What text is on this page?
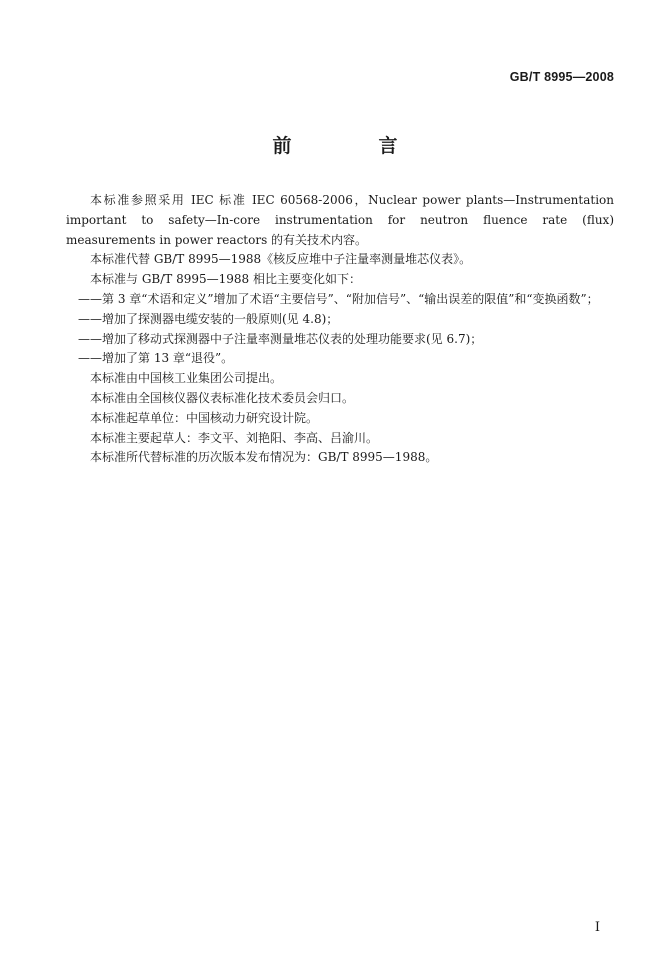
GB/T 8995—2008
前　言

本标准参照采用 IEC 标准 IEC 60568-2006，Nuclear power plants—Instrumentation important to safety—In-core instrumentation for neutron fluence rate (flux) measurements in power reactors 的有关技术内容。

本标准代替 GB/T 8995—1988《核反应堆中子注量率测量堆芯仪表》。

本标准与 GB/T 8995—1988 相比主要变化如下：

——第 3 章“术语和定义”增加了术语“主要信号”、“附加信号”、“输出误差的限值”和“变换函数”；

——增加了探测器电缆安装的一般原则(见 4.8)；

——增加了移动式探测器中子注量率测量堆芯仪表的处理功能要求(见 6.7)；

——增加了第 13 章“退役”。

本标准由中国核工业集团公司提出。

本标准由全国核仪器仪表标准化技术委员会归口。

本标准起草单位：中国核动力研究设计院。

本标准主要起草人：李文平、刘艳阳、李高、吕渝川。

本标准所代替标准的历次版本发布情况为：GB/T 8995—1988。

I
